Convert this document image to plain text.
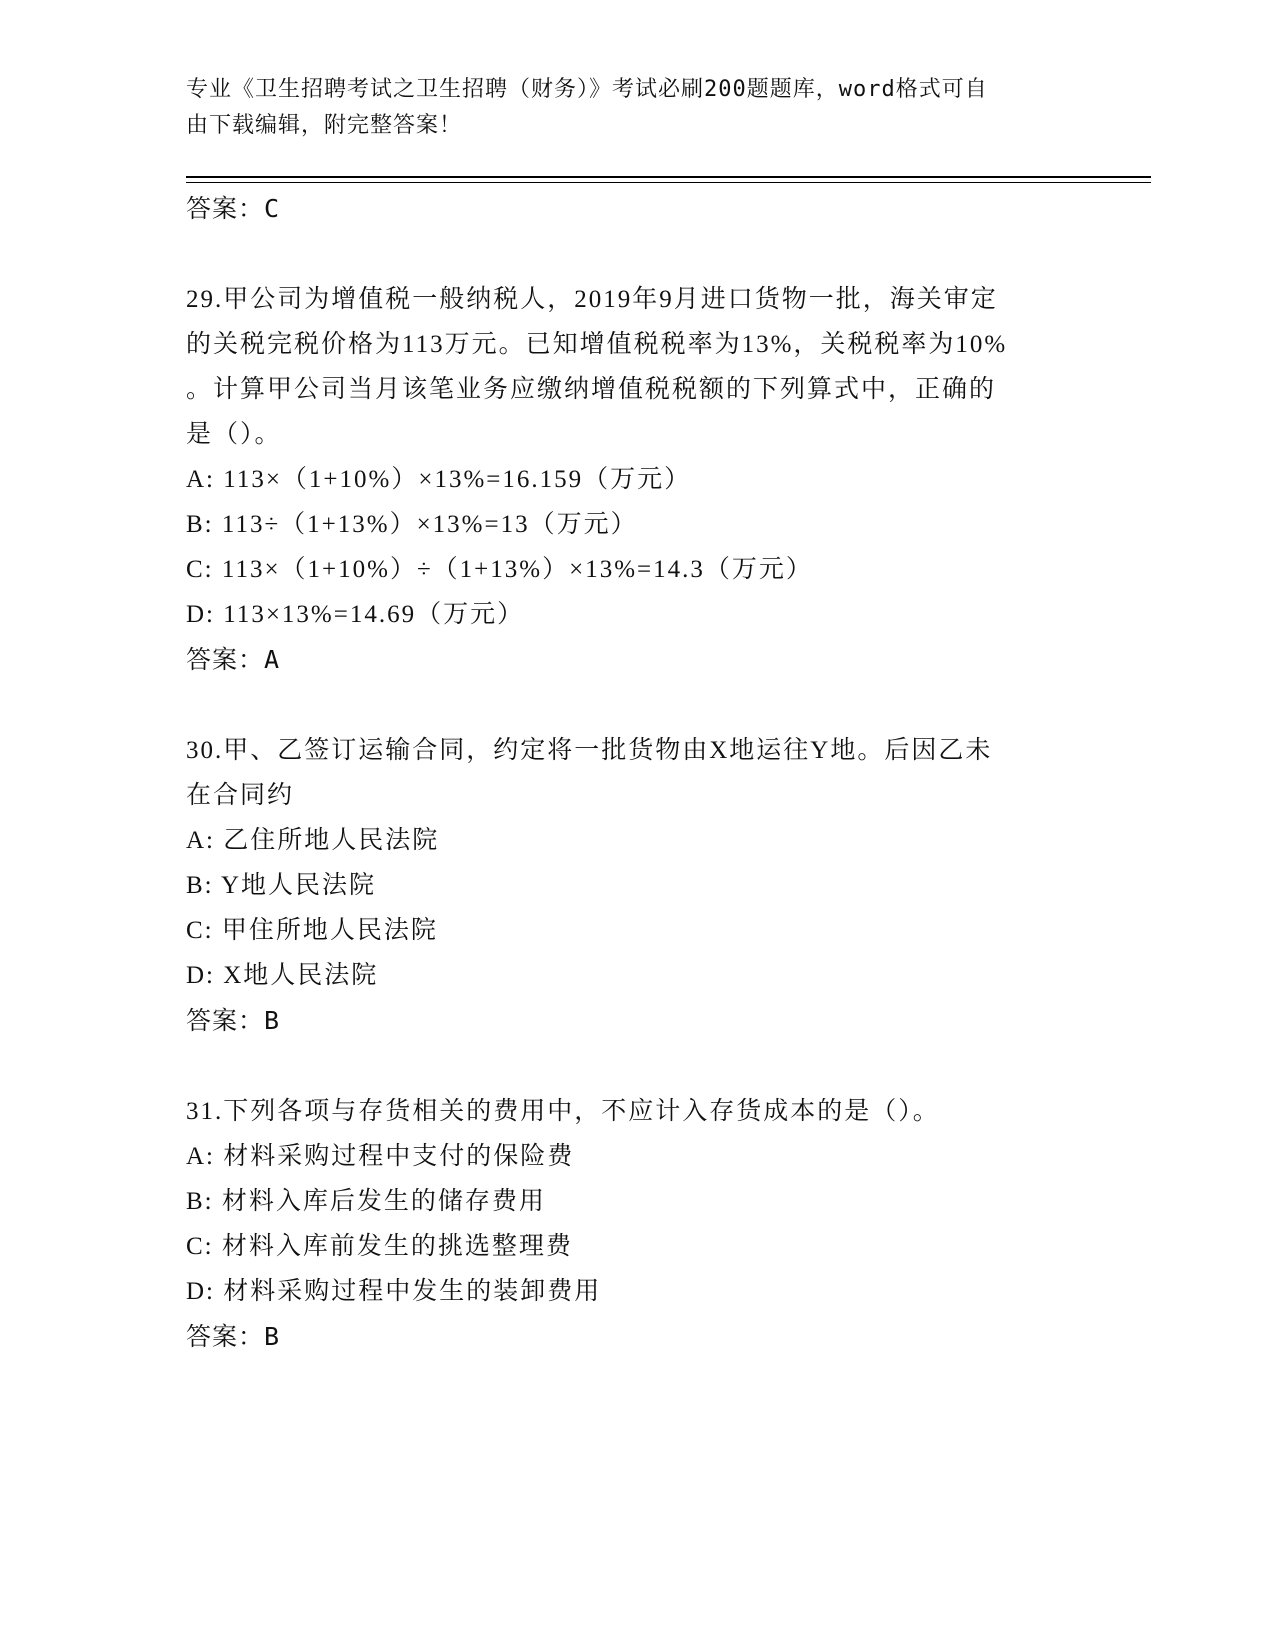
专业《卫生招聘考试之卫生招聘（财务）》考试必刷200题题库，word格式可自
由下载编辑，附完整答案！
答案：C
29.甲公司为增值税一般纳税人，2019年9月进口货物一批，海关审定
的关税完税价格为113万元。已知增值税税率为13%，关税税率为10%
。计算甲公司当月该笔业务应缴纳增值税税额的下列算式中，正确的
是（）。
A: 113×（1+10%）×13%=16.159（万元）
B: 113÷（1+13%）×13%=13（万元）
C: 113×（1+10%）÷（1+13%）×13%=14.3（万元）
D: 113×13%=14.69（万元）
答案：A
30.甲、乙签订运输合同，约定将一批货物由X地运往Y地。后因乙未
在合同约
A: 乙住所地人民法院
B: Y地人民法院
C: 甲住所地人民法院
D: X地人民法院
答案：B
31.下列各项与存货相关的费用中，不应计入存货成本的是（）。
A: 材料采购过程中支付的保险费
B: 材料入库后发生的储存费用
C: 材料入库前发生的挑选整理费
D: 材料采购过程中发生的装卸费用
答案：B
